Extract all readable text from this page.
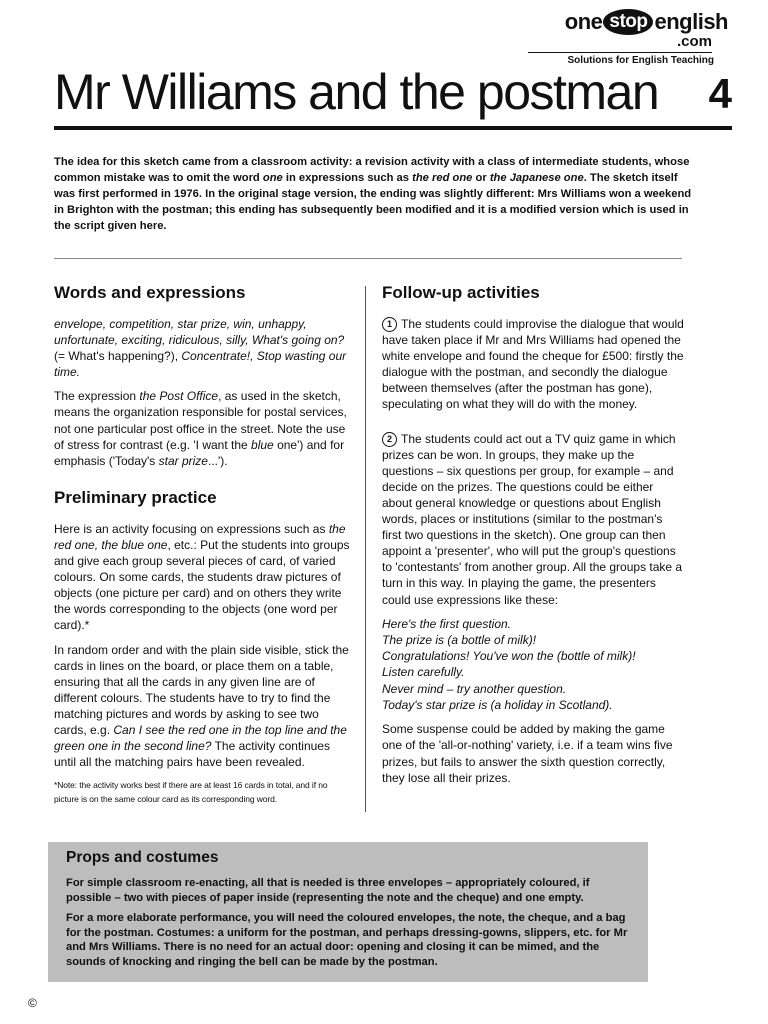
one stop english
.com
Solutions for English Teaching
Mr Williams and the postman 4

The idea for this sketch came from a classroom activity: a revision activity with a class of intermediate students, whose common mistake was to omit the word one in expressions such as the red one or the Japanese one. The sketch itself was first performed in 1976. In the original stage version, the ending was slightly different: Mrs Williams won a weekend in Brighton with the postman; this ending has subsequently been modified and it is a modified version which is used in the script given here.

Words and expressions

envelope, competition, star prize, win, unhappy, unfortunate, exciting, ridiculous, silly, What's going on? (= What's happening?), Concentrate!, Stop wasting our time.

The expression the Post Office, as used in the sketch, means the organization responsible for postal services, not one particular post office in the street. Note the use of stress for contrast (e.g. 'I want the blue one') and for emphasis ('Today's star prize...').

Preliminary practice

Here is an activity focusing on expressions such as the red one, the blue one, etc.: Put the students into groups and give each group several pieces of card, of varied colours. On some cards, the students draw pictures of objects (one picture per card) and on others they write the words corresponding to the objects (one word per card).*

In random order and with the plain side visible, stick the cards in lines on the board, or place them on a table, ensuring that all the cards in any given line are of different colours. The students have to try to find the matching pictures and words by asking to see two cards, e.g. Can I see the red one in the top line and the green one in the second line? The activity continues until all the matching pairs have been revealed.

*Note: the activity works best if there are at least 16 cards in total, and if no picture is on the same colour card as its corresponding word.
Follow-up activities

1 The students could improvise the dialogue that would have taken place if Mr and Mrs Williams had opened the white envelope and found the cheque for £500: firstly the dialogue with the postman, and secondly the dialogue between themselves (after the postman has gone), speculating on what they will do with the money.

2 The students could act out a TV quiz game in which prizes can be won. In groups, they make up the questions – six questions per group, for example – and decide on the prizes. The questions could be either about general knowledge or questions about English words, places or institutions (similar to the postman's first two questions in the sketch). One group can then appoint a 'presenter', who will put the group's questions to 'contestants' from another group. All the groups take a turn in this way. In playing the game, the presenters could use expressions like these:

Here's the first question.
The prize is (a bottle of milk)!
Congratulations! You've won the (bottle of milk)!
Listen carefully.
Never mind – try another question.
Today's star prize is (a holiday in Scotland).

Some suspense could be added by making the game one of the 'all-or-nothing' variety, i.e. if a team wins five prizes, but fails to answer the sixth question correctly, they lose all their prizes.

Props and costumes

For simple classroom re-enacting, all that is needed is three envelopes – appropriately coloured, if possible – two with pieces of paper inside (representing the note and the cheque) and one empty.

For a more elaborate performance, you will need the coloured envelopes, the note, the cheque, and a bag for the postman. Costumes: a uniform for the postman, and perhaps dressing-gowns, slippers, etc. for Mr and Mrs Williams. There is no need for an actual door: opening and closing it can be mimed, and the sounds of knocking and ringing the bell can be made by the postman.

©
